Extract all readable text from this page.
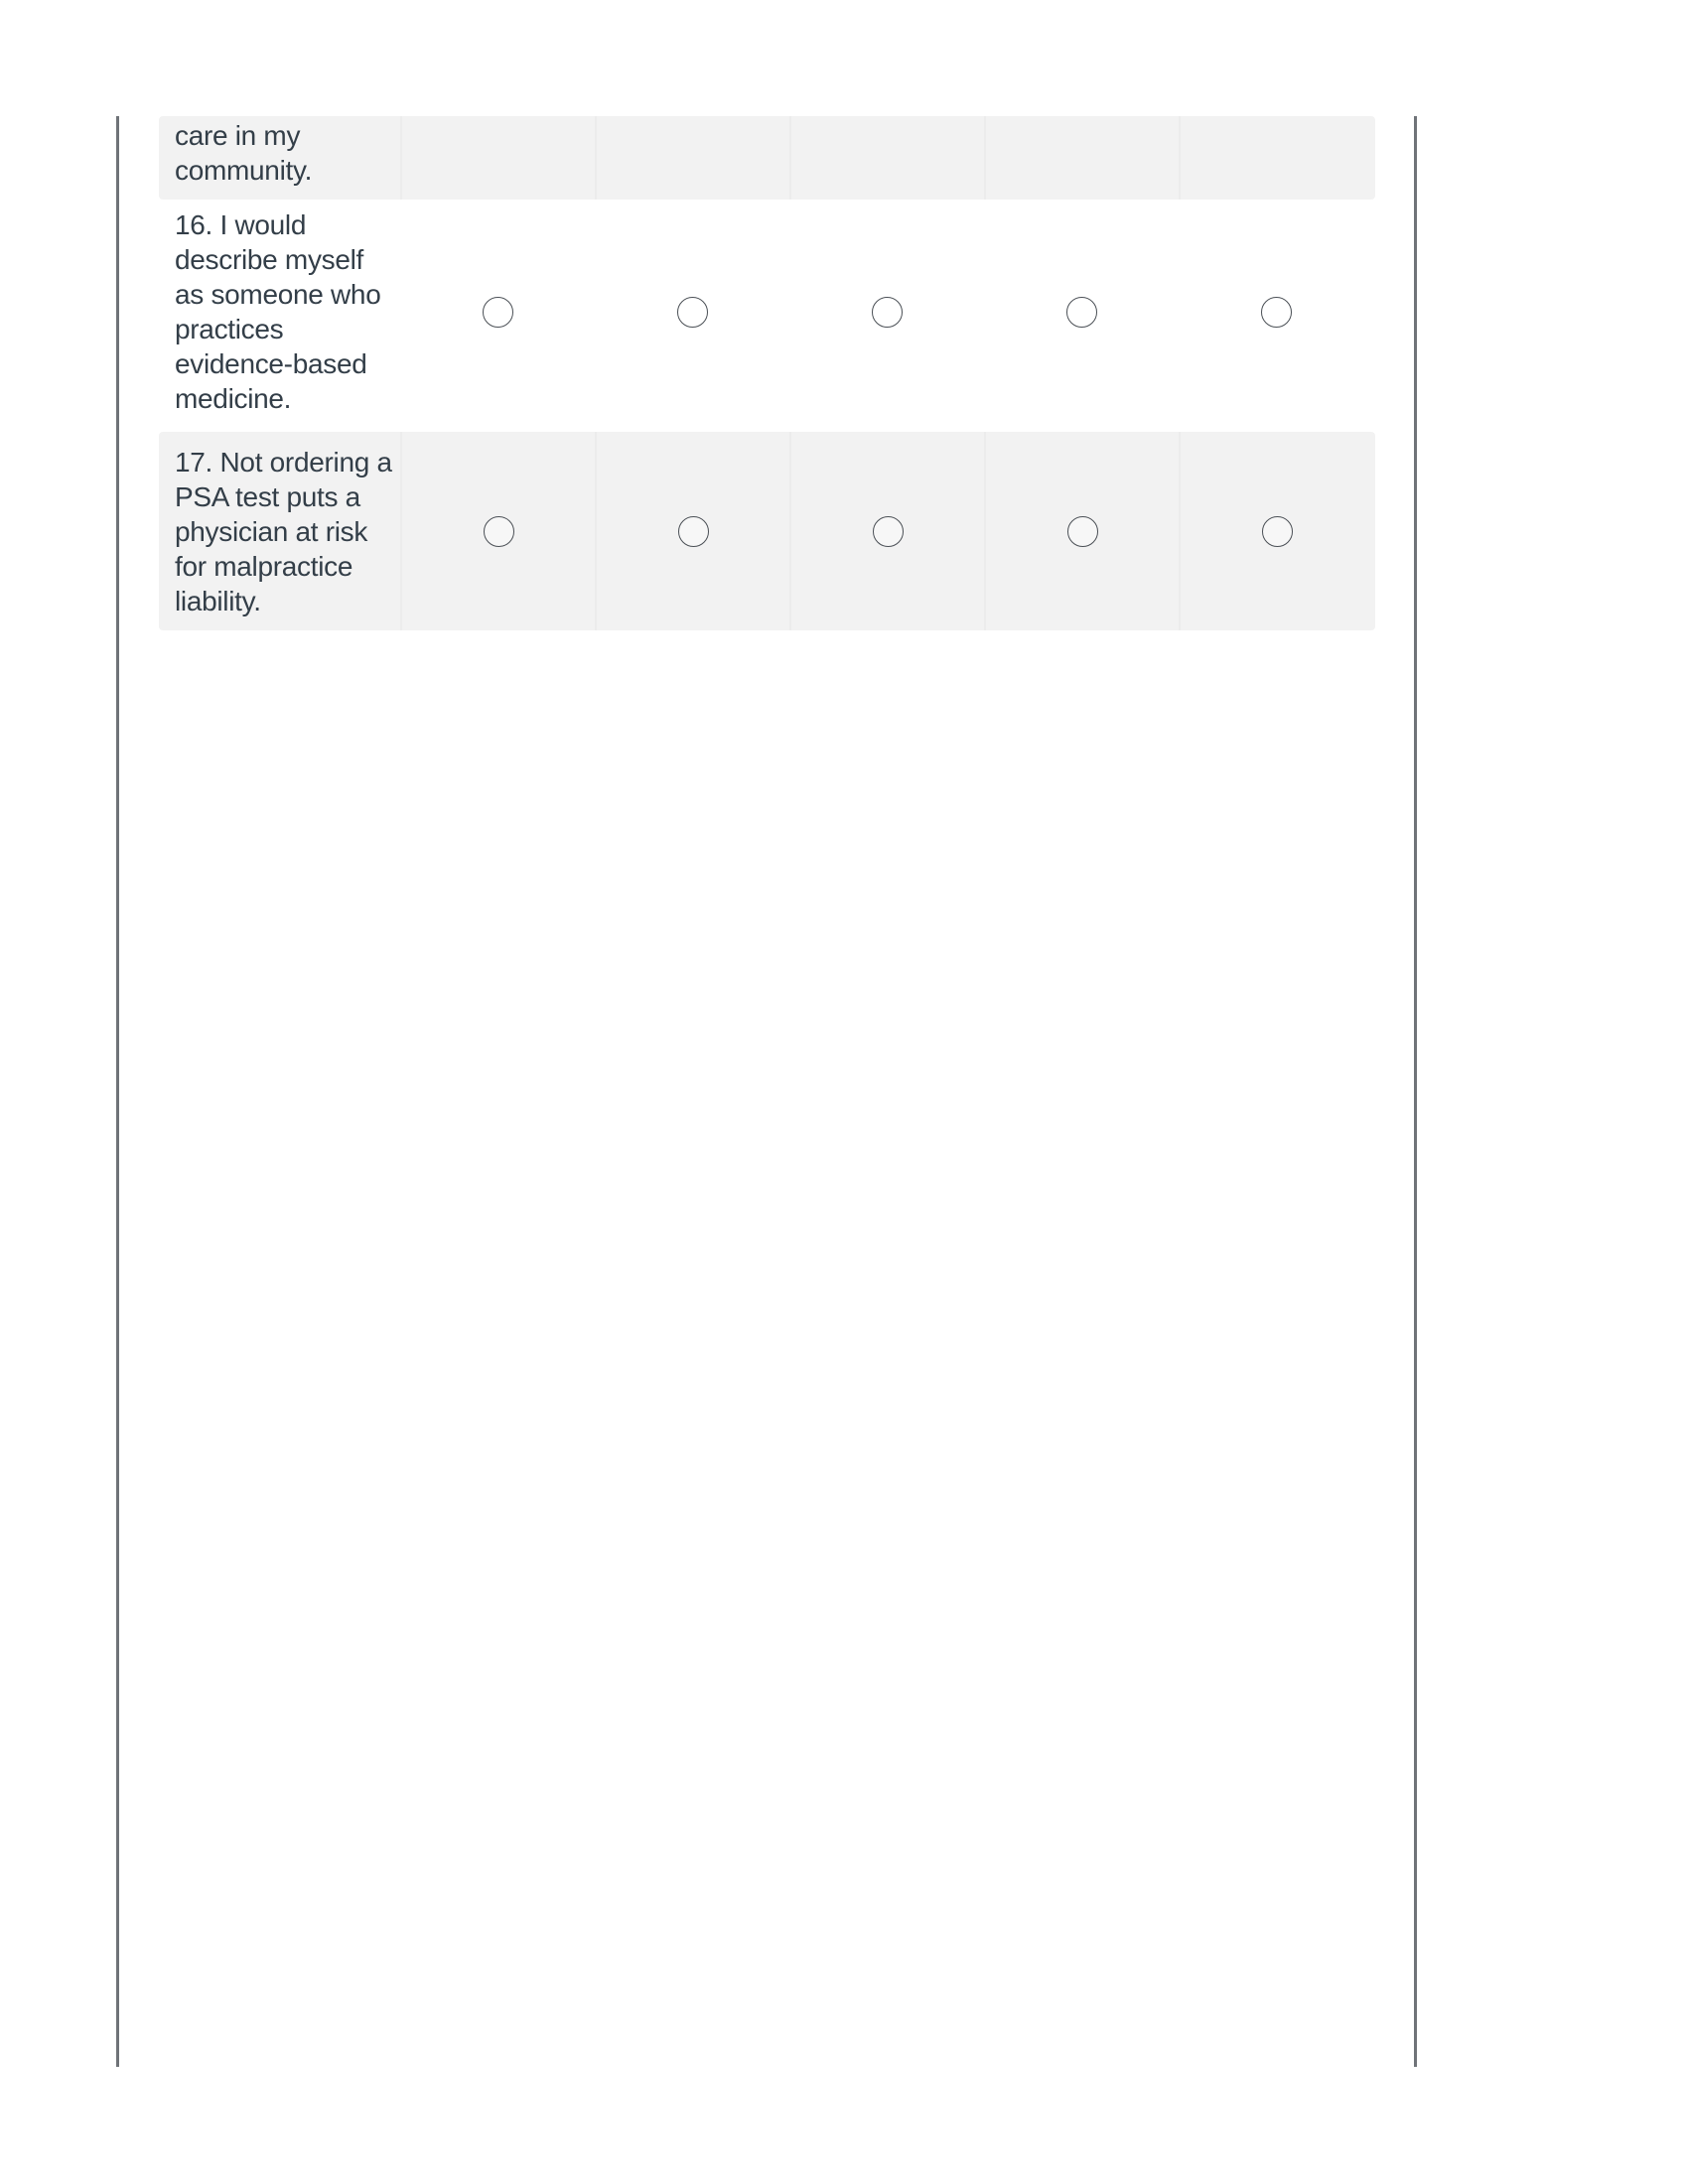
care in my
community.
16. I would
describe myself
as someone who
practices
evidence-based
medicine.
17. Not ordering a
PSA test puts a
physician at risk
for malpractice
liability.
